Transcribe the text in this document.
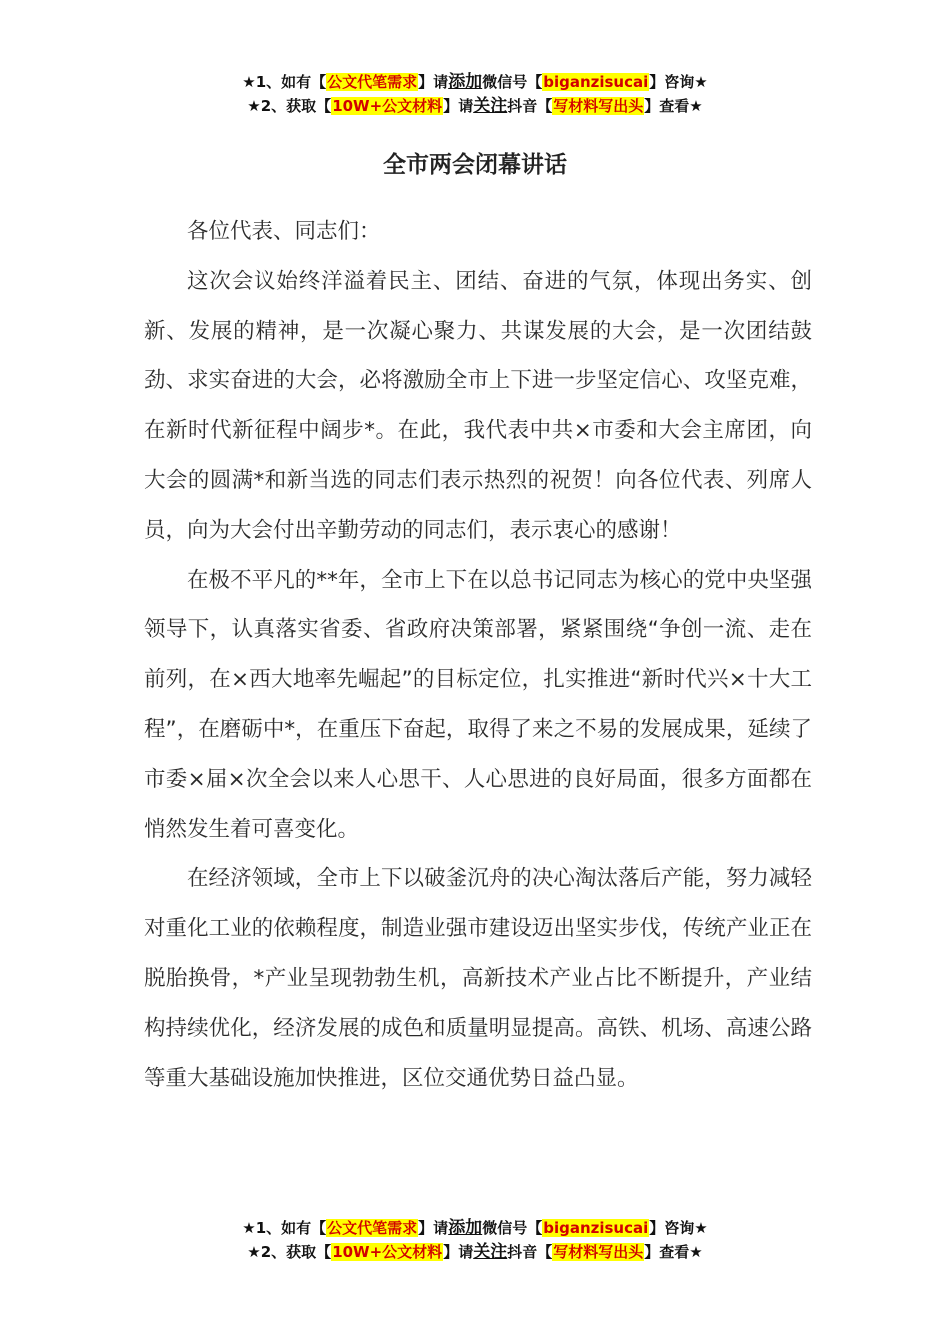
★1、如有【公文代笔需求】请添加微信号【biganzisucai】咨询★
★2、获取【10W+公文材料】请关注抖音【写材料写出头】查看★
全市两会闭幕讲话

各位代表、同志们：

这次会议始终洋溢着民主、团结、奋进的气氛，体现出务实、创新、发展的精神，是一次凝心聚力、共谋发展的大会，是一次团结鼓劲、求实奋进的大会，必将激励全市上下进一步坚定信心、攻坚克难，在新时代新征程中阔步*。在此，我代表中共×市委和大会主席团，向大会的圆满*和新当选的同志们表示热烈的祝贺！向各位代表、列席人员，向为大会付出辛勤劳动的同志们，表示衷心的感谢！

在极不平凡的**年，全市上下在以总书记同志为核心的党中央坚强领导下，认真落实省委、省政府决策部署，紧紧围绕“争创一流、走在前列，在×西大地率先崛起”的目标定位，扎实推进“新时代兴×十大工程”，在磨砺中*，在重压下奋起，取得了来之不易的发展成果，延续了市委×届×次全会以来人心思干、人心思进的良好局面，很多方面都在悄然发生着可喜变化。

在经济领域，全市上下以破釜沉舟的决心淘汰落后产能，努力减轻对重化工业的依赖程度，制造业强市建设迈出坚实步伐，传统产业正在脱胎换骨，*产业呈现勃勃生机，高新技术产业占比不断提升，产业结构持续优化，经济发展的成色和质量明显提高。高铁、机场、高速公路等重大基础设施加快推进，区位交通优势日益凸显。

★1、如有【公文代笔需求】请添加微信号【biganzisucai】咨询★
★2、获取【10W+公文材料】请关注抖音【写材料写出头】查看★
